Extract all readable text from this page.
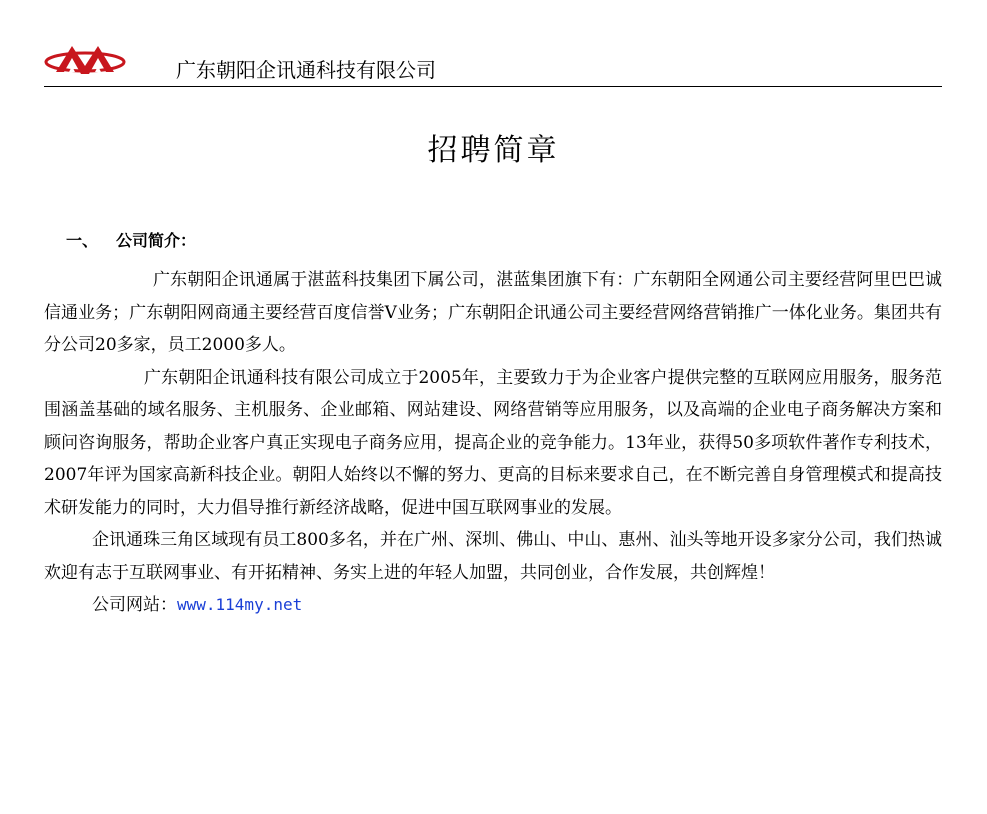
广东朝阳企讯通科技有限公司
招聘简章
一、 公司简介：

广东朝阳企讯通属于湛蓝科技集团下属公司，湛蓝集团旗下有：广东朝阳全网通公司主要经营阿里巴巴诚信通业务；广东朝阳网商通主要经营百度信誉V业务；广东朝阳企讯通公司主要经营网络营销推广一体化业务。集团共有分公司20多家，员工2000多人。

广东朝阳企讯通科技有限公司成立于2005年，主要致力于为企业客户提供完整的互联网应用服务，服务范围涵盖基础的域名服务、主机服务、企业邮箱、网站建设、网络营销等应用服务，以及高端的企业电子商务解决方案和顾问咨询服务，帮助企业客户真正实现电子商务应用，提高企业的竞争能力。13年业，获得50多项软件著作专利技术，2007年评为国家高新科技企业。朝阳人始终以不懈的努力、更高的目标来要求自己，在不断完善自身管理模式和提高技术研发能力的同时，大力倡导推行新经济战略，促进中国互联网事业的发展。

企讯通珠三角区域现有员工800多名，并在广州、深圳、佛山、中山、惠州、汕头等地开设多家分公司，我们热诚欢迎有志于互联网事业、有开拓精神、务实上进的年轻人加盟，共同创业，合作发展，共创辉煌！

公司网站：www.114my.net
